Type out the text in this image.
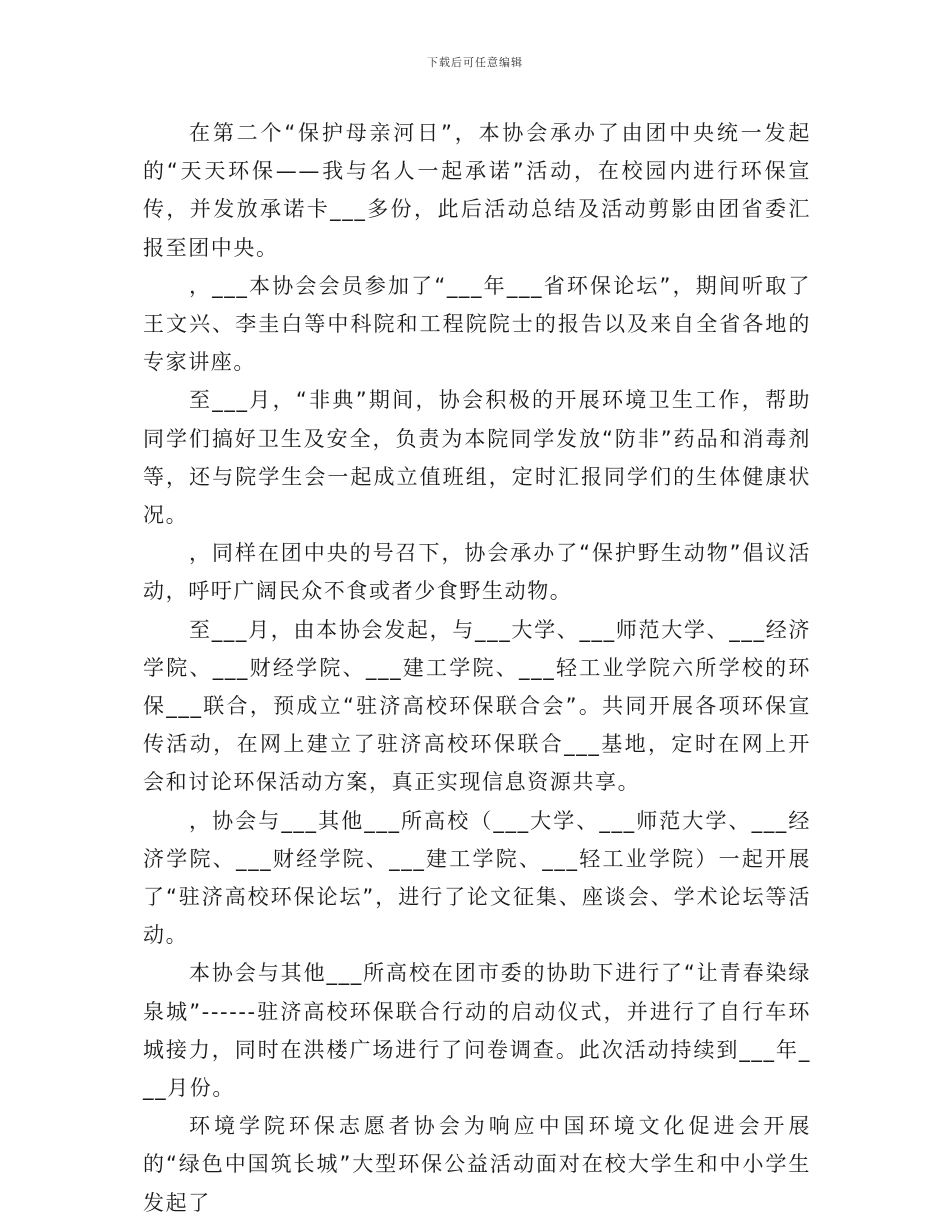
下载后可任意编辑

在第二个“保护母亲河日”，本协会承办了由团中央统一发起的“天天环保——我与名人一起承诺”活动，在校园内进行环保宣传，并发放承诺卡___多份，此后活动总结及活动剪影由团省委汇报至团中央。

，___本协会会员参加了“___年___省环保论坛”，期间听取了王文兴、李圭白等中科院和工程院院士的报告以及来自全省各地的专家讲座。

至___月，“非典”期间，协会积极的开展环境卫生工作，帮助同学们搞好卫生及安全，负责为本院同学发放“防非”药品和消毒剂等，还与院学生会一起成立值班组，定时汇报同学们的生体健康状况。

，同样在团中央的号召下，协会承办了“保护野生动物”倡议活动，呼吁广阔民众不食或者少食野生动物。

至___月，由本协会发起，与___大学、___师范大学、___经济学院、___财经学院、___建工学院、___轻工业学院六所学校的环保___联合，预成立“驻济高校环保联合会”。共同开展各项环保宣传活动，在网上建立了驻济高校环保联合___基地，定时在网上开会和讨论环保活动方案，真正实现信息资源共享。

，协会与___其他___所高校（___大学、___师范大学、___经济学院、___财经学院、___建工学院、___轻工业学院）一起开展了“驻济高校环保论坛”，进行了论文征集、座谈会、学术论坛等活动。

本协会与其他___所高校在团市委的协助下进行了“让青春染绿泉城”------驻济高校环保联合行动的启动仪式，并进行了自行车环城接力，同时在洪楼广场进行了问卷调查。此次活动持续到___年___月份。

环境学院环保志愿者协会为响应中国环境文化促进会开展的“绿色中国筑长城”大型环保公益活动面对在校大学生和中小学生发起了
